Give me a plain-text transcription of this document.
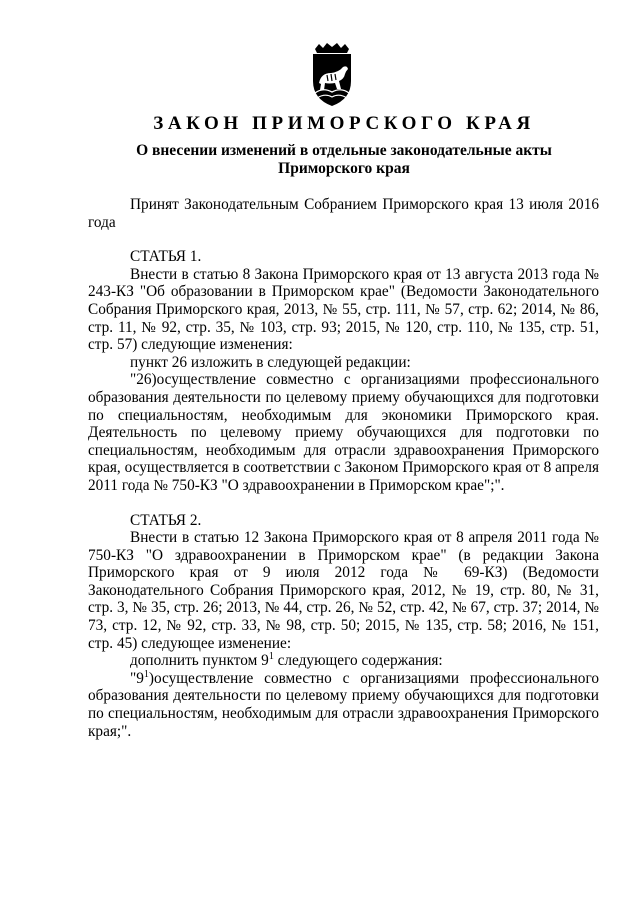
ЗАКОН ПРИМОРСКОГО КРАЯ
О внесении изменений в отдельные законодательные акты Приморского края

Принят Законодательным Собранием Приморского края 13 июля 2016 года

СТАТЬЯ 1.

Внести в статью 8 Закона Приморского края от 13 августа 2013 года № 243-КЗ "Об образовании в Приморском крае" (Ведомости Законодательного Собрания Приморского края, 2013, № 55, стр. 111, № 57, стр. 62; 2014, № 86, стр. 11, № 92, стр. 35, № 103, стр. 93; 2015, № 120, стр. 110, № 135, стр. 51, стр. 57) следующие изменения:

пункт 26 изложить в следующей редакции:

"26)осуществление совместно с организациями профессионального образования деятельности по целевому приему обучающихся для подготовки по специальностям, необходимым для экономики Приморского края. Деятельность по целевому приему обучающихся для подготовки по специальностям, необходимым для отрасли здравоохранения Приморского края, осуществляется в соответствии с Законом Приморского края от 8 апреля 2011 года № 750-КЗ "О здравоохранении в Приморском крае";".

СТАТЬЯ 2.

Внести в статью 12 Закона Приморского края от 8 апреля 2011 года № 750-КЗ "О здравоохранении в Приморском крае" (в редакции Закона Приморского края от 9 июля 2012 года № 69-КЗ) (Ведомости Законодательного Собрания Приморского края, 2012, № 19, стр. 80, № 31, стр. 3, № 35, стр. 26; 2013, № 44, стр. 26, № 52, стр. 42, № 67, стр. 37; 2014, № 73, стр. 12, № 92, стр. 33, № 98, стр. 50; 2015, № 135, стр. 58; 2016, № 151, стр. 45) следующее изменение:

дополнить пунктом $9^1$ следующего содержания:

"$9^1)осуществление$ совместно с организациями профессионального образования деятельности по целевому приему обучающихся для подготовки по специальностям, необходимым для отрасли здравоохранения Приморского края;".
